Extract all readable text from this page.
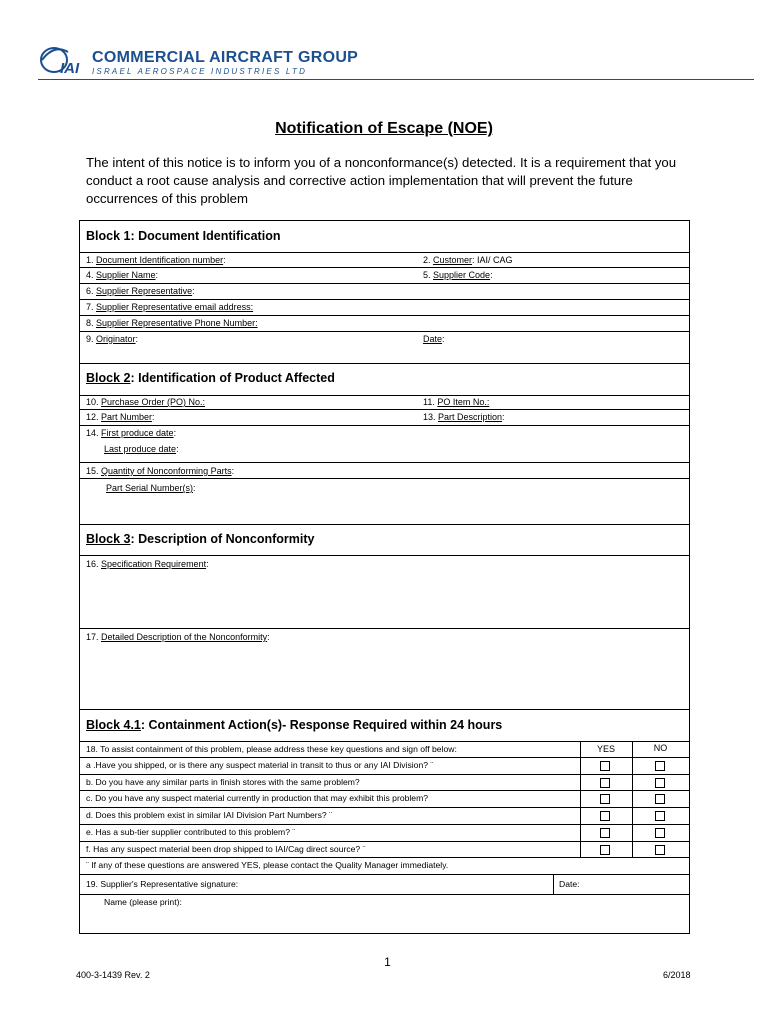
IAI
COMMERCIAL AIRCRAFT GROUP
ISRAEL AEROSPACE INDUSTRIES LTD
Notification of Escape (NOE)
The intent of this notice is to inform you of a nonconformance(s) detected. It is a requirement that you conduct a root cause analysis and corrective action implementation that will prevent the future occurrences of this problem
Block 1: Document Identification
1. Document Identification number:	2. Customer: IAI/ CAG
4. Supplier Name:	5. Supplier Code:
6. Supplier Representative:
7. Supplier Representative email address:
8. Supplier Representative Phone Number:
9. Originator:	Date:
Block 2: Identification of Product Affected
10. Purchase Order (PO) No.:	11. PO Item No.:
12. Part Number:	13. Part Description:
14. First produce date:
Last produce date:
15. Quantity of Nonconforming Parts:
Part Serial Number(s):
Block 3: Description of Nonconformity
16. Specification Requirement:
17. Detailed Description of the Nonconformity:
Block 4.1: Containment Action(s)- Response Required within 24 hours
18. To assist containment of this problem, please address these key questions and sign off below:	YES	NO
a .Have you shipped, or is there any suspect material in transit to thus or any IAI Division? ¨
b. Do you have any similar parts in finish stores with the same problem?
c. Do you have any suspect material currently in production that may exhibit this problem?
d. Does this problem exist in similar IAI Division Part Numbers? ¨
e. Has a sub-tier supplier contributed to this problem? ¨
f. Has any suspect material been drop shipped to IAI/Cag direct source? ¨
¨ If any of these questions are answered YES, please contact the Quality Manager immediately.
19. Supplier's Representative signature:	Date:
Name (please print):
1
400-3-1439 Rev. 2	6/2018
